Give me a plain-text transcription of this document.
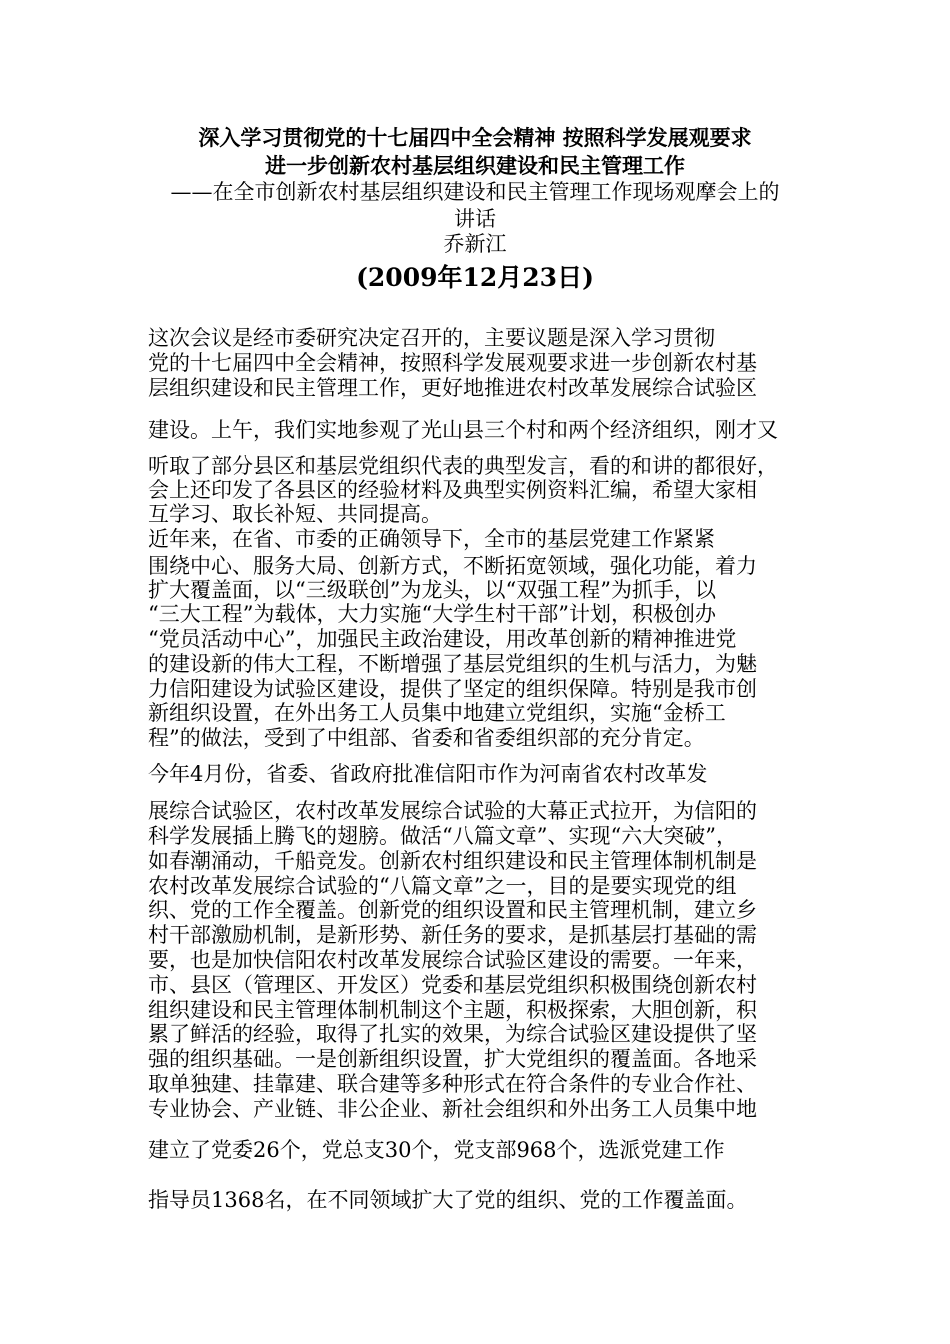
深入学习贯彻党的十七届四中全会精神 按照科学发展观要求
进一步创新农村基层组织建设和民主管理工作
——在全市创新农村基层组织建设和民主管理工作现场观摩会上的
讲话
乔新江
(2009年12月23日)
这次会议是经市委研究决定召开的，主要议题是深入学习贯彻
党的十七届四中全会精神，按照科学发展观要求进一步创新农村基
层组织建设和民主管理工作，更好地推进农村改革发展综合试验区
建设。上午，我们实地参观了光山县三个村和两个经济组织，刚才又
听取了部分县区和基层党组织代表的典型发言，看的和讲的都很好，
会上还印发了各县区的经验材料及典型实例资料汇编，希望大家相
互学习、取长补短、共同提高。
近年来，在省、市委的正确领导下，全市的基层党建工作紧紧
围绕中心、服务大局、创新方式，不断拓宽领域，强化功能，着力
扩大覆盖面，以“三级联创”为龙头，以“双强工程”为抓手，以
“三大工程”为载体，大力实施“大学生村干部”计划，积极创办
“党员活动中心”，加强民主政治建设，用改革创新的精神推进党
的建设新的伟大工程，不断增强了基层党组织的生机与活力，为魅
力信阳建设为试验区建设，提供了坚定的组织保障。特别是我市创
新组织设置，在外出务工人员集中地建立党组织，实施“金桥工
程”的做法，受到了中组部、省委和省委组织部的充分肯定。
今年4月份，省委、省政府批准信阳市作为河南省农村改革发
展综合试验区，农村改革发展综合试验的大幕正式拉开，为信阳的
科学发展插上腾飞的翅膀。做活“八篇文章”、实现“六大突破”，
如春潮涌动，千船竞发。创新农村组织建设和民主管理体制机制是
农村改革发展综合试验的“八篇文章”之一，目的是要实现党的组
织、党的工作全覆盖。创新党的组织设置和民主管理机制，建立乡
村干部激励机制，是新形势、新任务的要求，是抓基层打基础的需
要，也是加快信阳农村改革发展综合试验区建设的需要。一年来，
市、县区（管理区、开发区）党委和基层党组织积极围绕创新农村
组织建设和民主管理体制机制这个主题，积极探索，大胆创新，积
累了鲜活的经验，取得了扎实的效果，为综合试验区建设提供了坚
强的组织基础。一是创新组织设置，扩大党组织的覆盖面。各地采
取单独建、挂靠建、联合建等多种形式在符合条件的专业合作社、
专业协会、产业链、非公企业、新社会组织和外出务工人员集中地
建立了党委26个，党总支30个，党支部968个，选派党建工作
指导员1368名，在不同领域扩大了党的组织、党的工作覆盖面。
